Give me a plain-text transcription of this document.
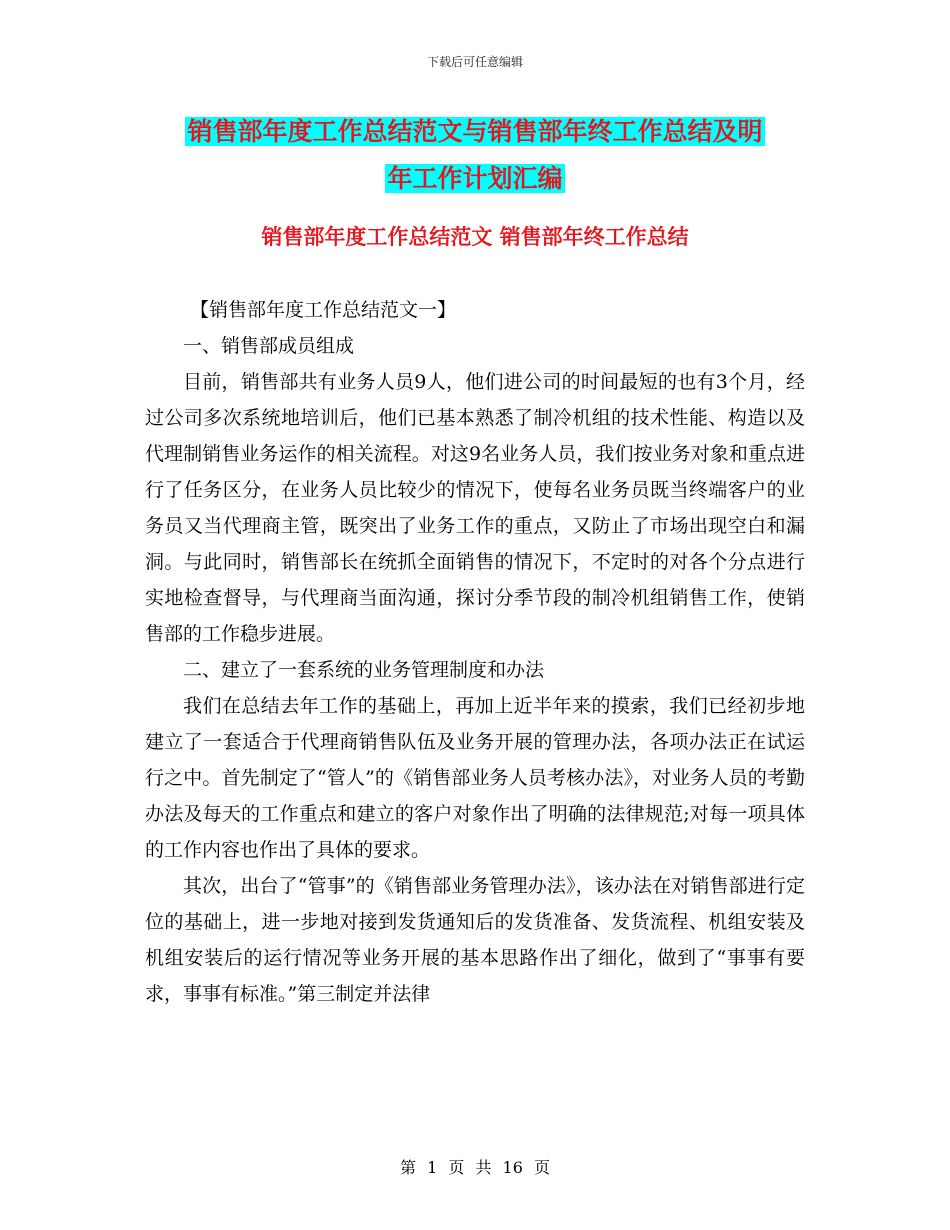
下载后可任意编辑
销售部年度工作总结范文与销售部年终工作总结及明
年工作计划汇编
销售部年度工作总结范文 销售部年终工作总结

【销售部年度工作总结范文一】

一、销售部成员组成

目前，销售部共有业务人员9人，他们进公司的时间最短的也有3个月，经过公司多次系统地培训后，他们已基本熟悉了制冷机组的技术性能、构造以及代理制销售业务运作的相关流程。对这9名业务人员，我们按业务对象和重点进行了任务区分，在业务人员比较少的情况下，使每名业务员既当终端客户的业务员又当代理商主管，既突出了业务工作的重点，又防止了市场出现空白和漏洞。与此同时，销售部长在统抓全面销售的情况下，不定时的对各个分点进行实地检查督导，与代理商当面沟通，探讨分季节段的制冷机组销售工作，使销售部的工作稳步进展。

二、建立了一套系统的业务管理制度和办法

我们在总结去年工作的基础上，再加上近半年来的摸索，我们已经初步地建立了一套适合于代理商销售队伍及业务开展的管理办法，各项办法正在试运行之中。首先制定了“管人”的《销售部业务人员考核办法》，对业务人员的考勤办法及每天的工作重点和建立的客户对象作出了明确的法律规范;对每一项具体的工作内容也作出了具体的要求。

其次，出台了“管事”的《销售部业务管理办法》，该办法在对销售部进行定位的基础上，进一步地对接到发货通知后的发货准备、发货流程、机组安装及机组安装后的运行情况等业务开展的基本思路作出了细化，做到了“事事有要求，事事有标准。”第三制定并法律

第 1 页 共 16 页
